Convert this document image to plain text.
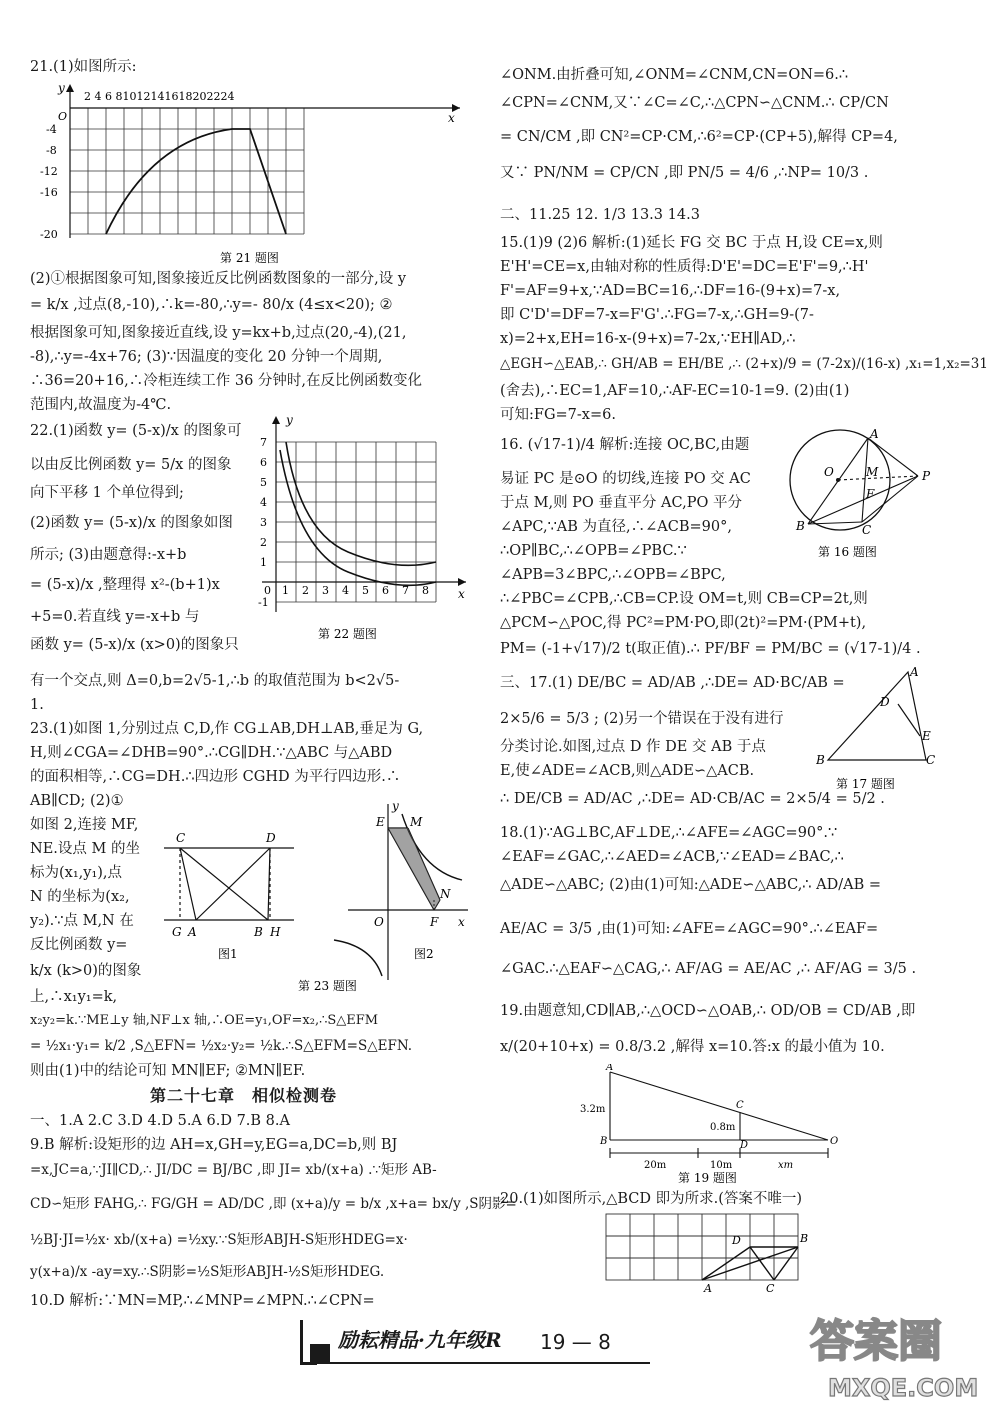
21.(1)如图所示:
y
x
O
2 4 6 81012141618202224
-4
-8
-12
-16
-20
第 21 题图
(2)①根据图象可知,图象接近反比例函数图象的一部分,设 y
= k/x ,过点(8,-10),∴k=-80,∴y=- 80/x (4≤x<20); ②
根据图象可知,图象接近直线,设 y=kx+b,过点(20,-4),(21,
-8),∴y=-4x+76; (3)∵因温度的变化 20 分钟一个周期,
∴36=20+16,∴冷柜连续工作 36 分钟时,在反比例函数变化
范围内,故温度为-4℃.
22.(1)函数 y= (5-x)/x 的图象可
以由反比例函数 y= 5/x 的图象
向下平移 1 个单位得到;
(2)函数 y= (5-x)/x 的图象如图
所示; (3)由题意得:-x+b
= (5-x)/x ,整理得 x²-(b+1)x
+5=0.若直线 y=-x+b 与
函数 y= (5-x)/x (x>0)的图象只
y
x
7
6
5
4
3
2
1
-1
0 1 2 3 4 5 6 7 8
第 22 题图
有一个交点,则 Δ=0,b=2√5-1,∴b 的取值范围为 b<2√5-
1.
23.(1)如图 1,分别过点 C,D,作 CG⊥AB,DH⊥AB,垂足为 G,
H,则∠CGA=∠DHB=90°.∴CG∥DH.∵△ABC 与△ABD
的面积相等,∴CG=DH.∴四边形 CGHD 为平行四边形.∴
AB∥CD; (2)①
如图 2,连接 MF,
NE.设点 M 的坐
标为(x₁,y₁),点
N 的坐标为(x₂,
y₂).∵点 M,N 在
反比例函数 y=
k/x (k>0)的图象
上,∴x₁y₁=k,
x₂y₂=k.∵ME⊥y 轴,NF⊥x 轴,∴OE=y₁,OF=x₂,∴S△EFM
= ½x₁·y₁= k/2 ,S△EFN= ½x₂·y₂= ½k.∴S△EFM=S△EFN.
则由(1)中的结论可知 MN∥EF; ②MN∥EF.
C	D
G A	B H
图1
E M
N
O	F
y
x
图2
第 23 题图
第二十七章　相似检测卷
一、1.A 2.C 3.D 4.D 5.A 6.D 7.B 8.A
9.B 解析:设矩形的边 AH=x,GH=y,EG=a,DC=b,则 BJ
=x,JC=a,∵JI∥CD,∴ JI/DC = BJ/BC ,即 JI= xb/(x+a) .∵矩形 AB-
CD∽矩形 FAHG,∴ FG/GH = AD/DC ,即 (x+a)/y = b/x ,x+a= bx/y ,S阴影=
½BJ·JI=½x· xb/(x+a) =½xy.∵S矩形ABJH-S矩形HDEG=x·
y(x+a)/x -ay=xy.∴S阴影=½S矩形ABJH-½S矩形HDEG.
10.D 解析:∵MN=MP,∴∠MNP=∠MPN.∴∠CPN=
∠ONM.由折叠可知,∠ONM=∠CNM,CN=ON=6.∴
∠CPN=∠CNM,又∵∠C=∠C,∴△CPN∽△CNM.∴ CP/CN
= CN/CM ,即 CN²=CP·CM,∴6²=CP·(CP+5),解得 CP=4,
又∵ PN/NM = CP/CN ,即 PN/5 = 4/6 ,∴NP= 10/3 .
二、11.25 12. 1/3 13.3 14.3
15.(1)9 (2)6 解析:(1)延长 FG 交 BC 于点 H,设 CE=x,则
E'H'=CE=x,由轴对称的性质得:D'E'=DC=E'F'=9,∴H'
F'=AF=9+x,∵AD=BC=16,∴DF=16-(9+x)=7-x,
即 C'D'=DF=7-x=F'G'.∴FG=7-x,∴GH=9-(7-
x)=2+x,EH=16-x-(9+x)=7-2x,∵EH∥AD,∴
△EGH∽△EAB,∴ GH/AB = EH/BE ,∴ (2+x)/9 = (7-2x)/(16-x) ,x₁=1,x₂=31
(舍去),∴EC=1,AF=10,∴AF-EC=10-1=9. (2)由(1)
可知:FG=7-x=6.
16. (√17-1)/4 解析:连接 OC,BC,由题
易证 PC 是⊙O 的切线,连接 PO 交 AC
于点 M,则 PO 垂直平分 AC,PO 平分
∠APC,∵AB 为直径,∴∠ACB=90°,
∴OP∥BC,∴∠OPB=∠PBC.∵
∠APB=3∠BPC,∴∠OPB=∠BPC,
∴∠PBC=∠CPB,∴CB=CP.设 OM=t,则 CB=CP=2t,则
△PCM∽△POC,得 PC²=PM·PO,即(2t)²=PM·(PM+t),
PM= (-1+√17)/2 t(取正值).∴ PF/BF = PM/BC = (√17-1)/4 .
A
O	M
F
P
B	C
第 16 题图
三、17.(1) DE/BC = AD/AB ,∴DE= AD·BC/AB =
2×5/6 = 5/3 ; (2)另一个错误在于没有进行
分类讨论.如图,过点 D 作 DE 交 AB 于点
E,使∠ADE=∠ACB,则△ADE∽△ACB.
∴ DE/CB = AD/AC ,∴DE= AD·CB/AC = 2×5/4 = 5/2 .
A
D
E
B	C
第 17 题图
18.(1)∵AG⊥BC,AF⊥DE,∴∠AFE=∠AGC=90°.∵
∠EAF=∠GAC,∴∠AED=∠ACB,∵∠EAD=∠BAC,∴
△ADE∽△ABC; (2)由(1)可知:△ADE∽△ABC,∴ AD/AB =
AE/AC = 3/5 ,由(1)可知:∠AFE=∠AGC=90°.∴∠EAF=
∠GAC.∴△EAF∽△CAG,∴ AF/AG = AE/AC ,∴ AF/AG = 3/5 .
19.由题意知,CD∥AB,∴△OCD∽△OAB,∴ OD/OB = CD/AB ,即
x/(20+10+x) = 0.8/3.2 ,解得 x=10.答:x 的最小值为 10.
A
3.2m
B
C
0.8m
D	O
20m	10m	xm
第 19 题图
20.(1)如图所示,△BCD 即为所求.(答案不唯一)
D	B
A	C
励耘精品·九年级R 19 — 8	答案圈
MXQE.COM
